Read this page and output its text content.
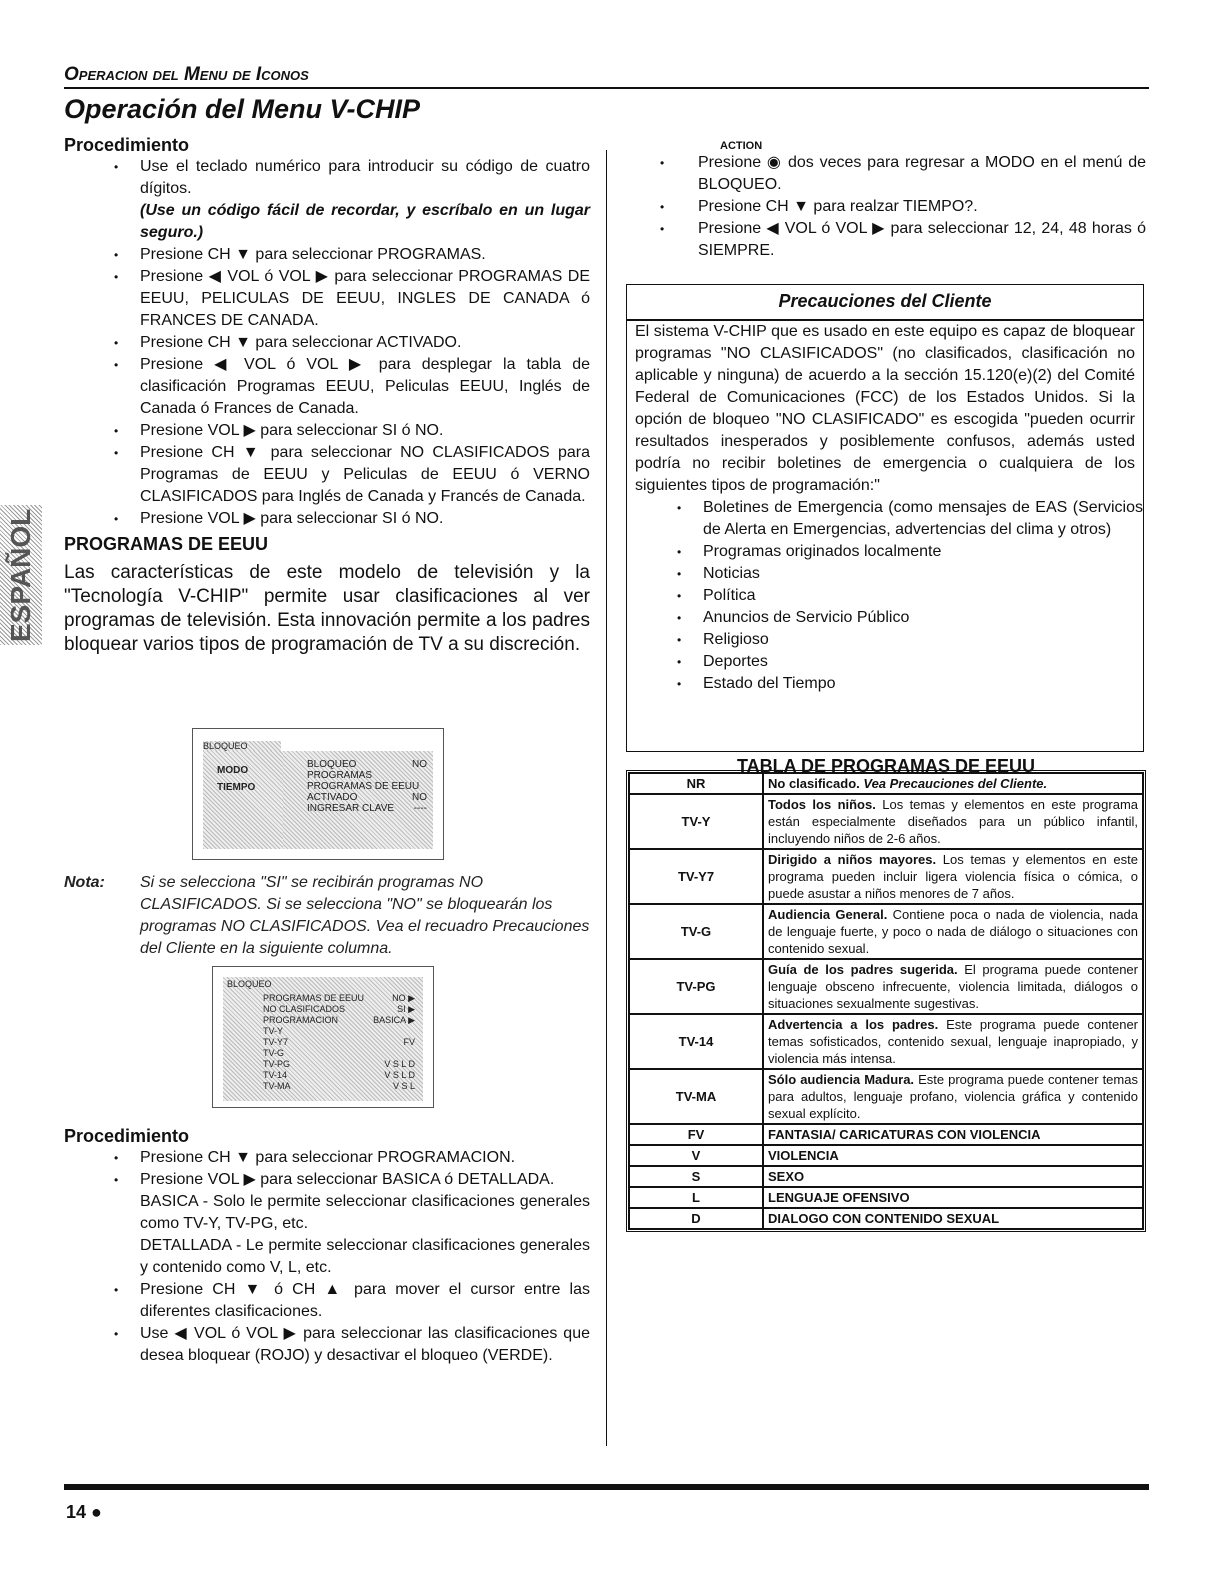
Operacion del Menu de Iconos
Operación del Menu V-CHIP
ESPAÑOL
Procedimiento
• Use el teclado numérico para introducir su código de cuatro dígitos.
(Use un código fácil de recordar, y escríbalo en un lugar seguro.)
• Presione CH ▼ para seleccionar PROGRAMAS.
• Presione ◀ VOL ó VOL ▶ para seleccionar PROGRAMAS DE EEUU, PELICULAS DE EEUU, INGLES DE CANADA ó FRANCES DE CANADA.
• Presione CH ▼ para seleccionar ACTIVADO.
• Presione ◀ VOL ó VOL ▶ para desplegar la tabla de clasificación Programas EEUU, Peliculas EEUU, Inglés de Canada ó Frances de Canada.
• Presione VOL ▶ para seleccionar SI ó NO.
• Presione CH ▼ para seleccionar NO CLASIFICADOS para Programas de EEUU y Peliculas de EEUU ó VERNO CLASIFICADOS para Inglés de Canada y Francés de Canada.
• Presione VOL ▶ para seleccionar SI ó NO.
PROGRAMAS DE EEUU
Las características de este modelo de televisión y la "Tecnología V-CHIP" permite usar clasificaciones al ver programas de televisión. Esta innovación permite a los padres bloquear varios tipos de programación de TV a su discreción.
BLOQUEO
MODO
TIEMPO
BLOQUEO	NO
PROGRAMAS
PROGRAMAS DE EEUU
ACTIVADO	NO
INGRESAR CLAVE ----
Nota: Si se selecciona "SI" se recibirán programas NO CLASIFICADOS. Si se selecciona "NO" se bloquearán los programas NO CLASIFICADOS. Vea el recuadro Precauciones del Cliente en la siguiente columna.
PROGRAMAS DE EEUU	NO ▶
NO CLASIFICADOS	SI ▶
PROGRAMACION	BASICA ▶
TV-Y
TV-Y7	FV
TV-G
TV-PG	V S L D
TV-14	V S L D
TV-MA	V S L
BLOQUEO
Procedimiento
• Presione CH ▼ para seleccionar PROGRAMACION.
• Presione VOL ▶ para seleccionar BASICA ó DETALLADA.
BASICA - Solo le permite seleccionar clasificaciones generales como TV-Y, TV-PG, etc.
DETALLADA - Le permite seleccionar clasificaciones generales y contenido como V, L, etc.
• Presione CH ▼ ó CH ▲ para mover el cursor entre las diferentes clasificaciones.
• Use ◀ VOL ó VOL ▶ para seleccionar las clasificaciones que desea bloquear (ROJO) y desactivar el bloqueo (VERDE).
ACTION
• Presione ◉ dos veces para regresar a MODO en el menú de BLOQUEO.
• Presione CH ▼ para realzar TIEMPO?.
• Presione ◀ VOL ó VOL ▶ para seleccionar 12, 24, 48 horas ó SIEMPRE.
Precauciones del Cliente

El sistema V-CHIP que es usado en este equipo es capaz de bloquear programas "NO CLASIFICADOS" (no clasificados, clasificación no aplicable y ninguna) de acuerdo a la sección 15.120(e)(2) del Comité Federal de Comunicaciones (FCC) de los Estados Unidos. Si la opción de bloqueo "NO CLASIFICADO" es escogida "pueden ocurrir resultados inesperados y posiblemente confusos, además usted podría no recibir boletines de emergencia o cualquiera de los siguientes tipos de programación:"

• Boletines de Emergencia (como mensajes de EAS (Servicios de Alerta en Emergencias, advertencias del clima y otros)
• Programas originados localmente
• Noticias
• Política
• Anuncios de Servicio Público
• Religioso
• Deportes
• Estado del Tiempo
TABLA DE PROGRAMAS DE EEUU
NR	No clasificado. Vea Precauciones del Cliente.
TV-Y	Todos los niños. Los temas y elementos en este programa están especialmente diseñados para un público infantil, incluyendo niños de 2-6 años.
TV-Y7	Dirigido a niños mayores. Los temas y elementos en este programa pueden incluir ligera violencia física o cómica, o puede asustar a niños menores de 7 años.
TV-G	Audiencia General. Contiene poca o nada de violencia, nada de lenguaje fuerte, y poco o nada de diálogo o situaciones con contenido sexual.
TV-PG	Guía de los padres sugerida. El programa puede contener lenguaje obsceno infrecuente, violencia limitada, diálogos o situaciones sexualmente sugestivas.
TV-14	Advertencia a los padres. Este programa puede contener temas sofisticados, contenido sexual, lenguaje inapropiado, y violencia más intensa.
TV-MA	Sólo audiencia Madura. Este programa puede contener temas para adultos, lenguaje profano, violencia gráfica y contenido sexual explícito.
FV	FANTASIA/ CARICATURAS CON VIOLENCIA
V	VIOLENCIA
S	SEXO
L	LENGUAJE OFENSIVO
D	DIALOGO CON CONTENIDO SEXUAL
14 ●
